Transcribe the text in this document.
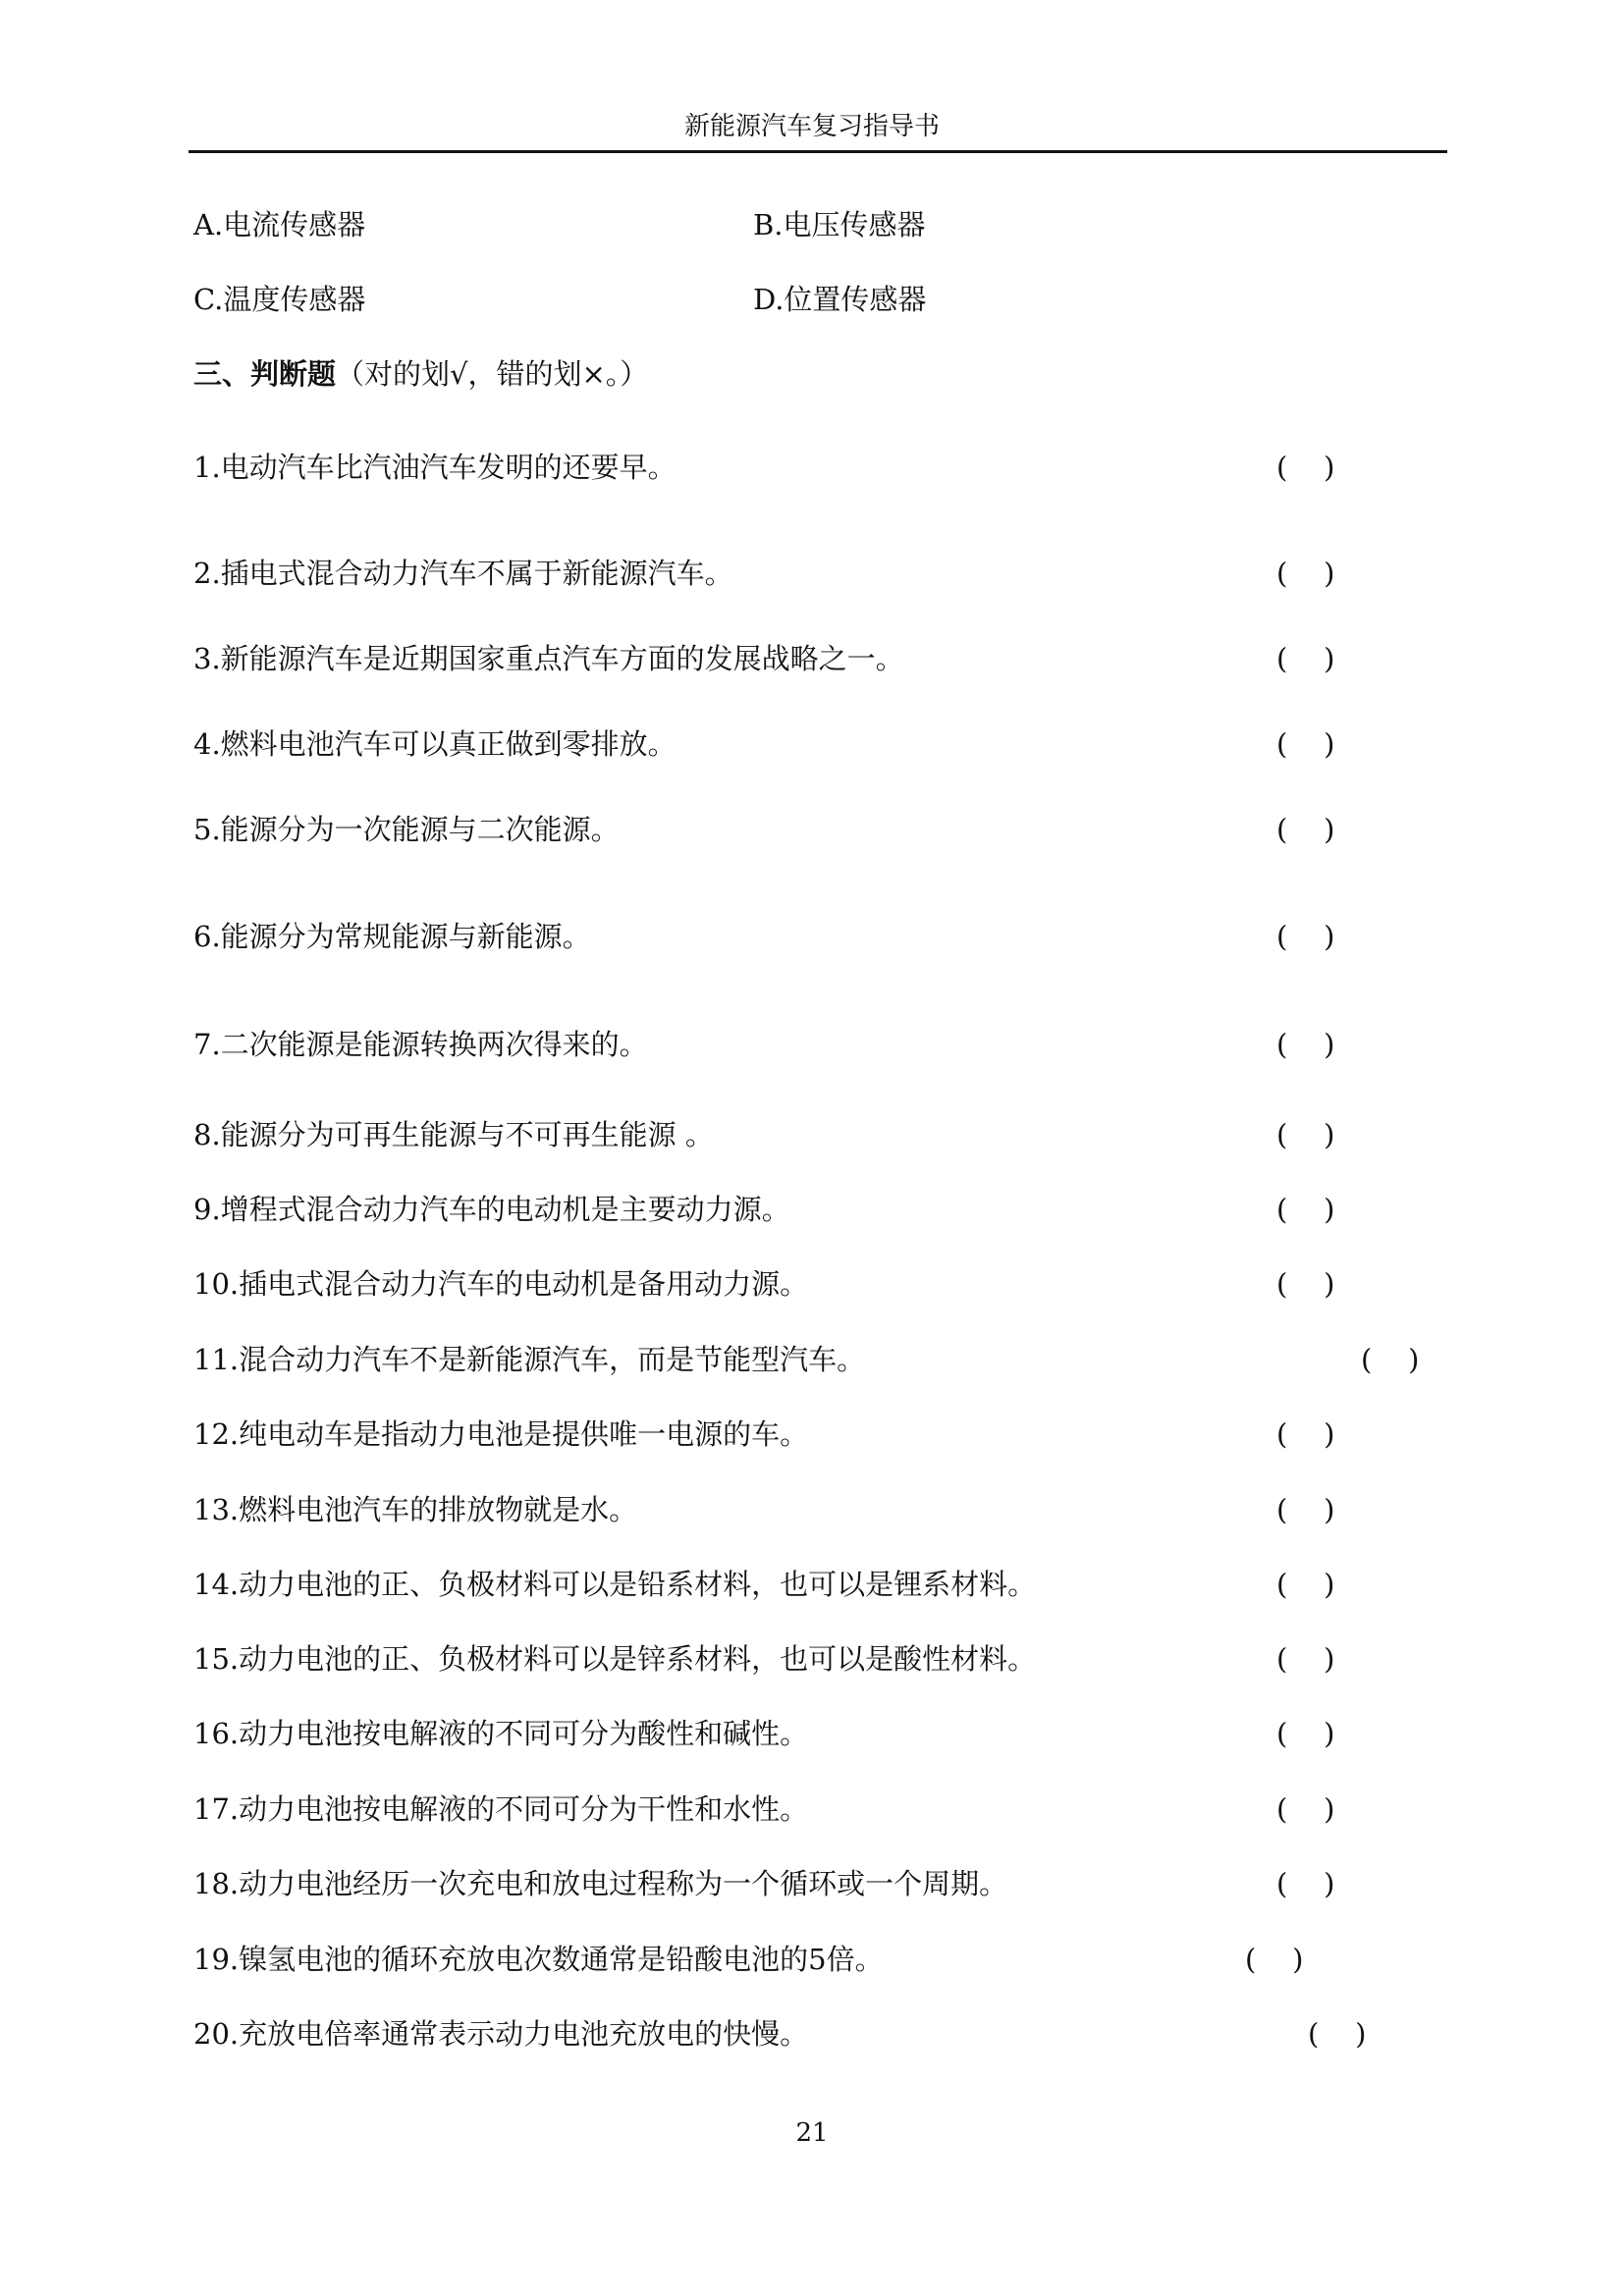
新能源汽车复习指导书
A.电流传感器	B.电压传感器
C.温度传感器	D.位置传感器
三、判断题（对的划√，错的划×。）
1.电动汽车比汽油汽车发明的还要早。	(    )
2.插电式混合动力汽车不属于新能源汽车。	(    )
3.新能源汽车是近期国家重点汽车方面的发展战略之一。	(    )
4.燃料电池汽车可以真正做到零排放。	(    )
5.能源分为一次能源与二次能源。	(    )
6.能源分为常规能源与新能源。	(    )
7.二次能源是能源转换两次得来的。	(    )
8.能源分为可再生能源与不可再生能源 。	(    )
9.增程式混合动力汽车的电动机是主要动力源。	(    )
10.插电式混合动力汽车的电动机是备用动力源。	(    )
11.混合动力汽车不是新能源汽车，而是节能型汽车。	(    )
12.纯电动车是指动力电池是提供唯一电源的车。	(    )
13.燃料电池汽车的排放物就是水。	(    )
14.动力电池的正、负极材料可以是铅系材料，也可以是锂系材料。	(    )
15.动力电池的正、负极材料可以是锌系材料，也可以是酸性材料。	(    )
16.动力电池按电解液的不同可分为酸性和碱性。	(    )
17.动力电池按电解液的不同可分为干性和水性。	(    )
18.动力电池经历一次充电和放电过程称为一个循环或一个周期。	(    )
19.镍氢电池的循环充放电次数通常是铅酸电池的5倍。	(    )
20.充放电倍率通常表示动力电池充放电的快慢。	(    )
21
